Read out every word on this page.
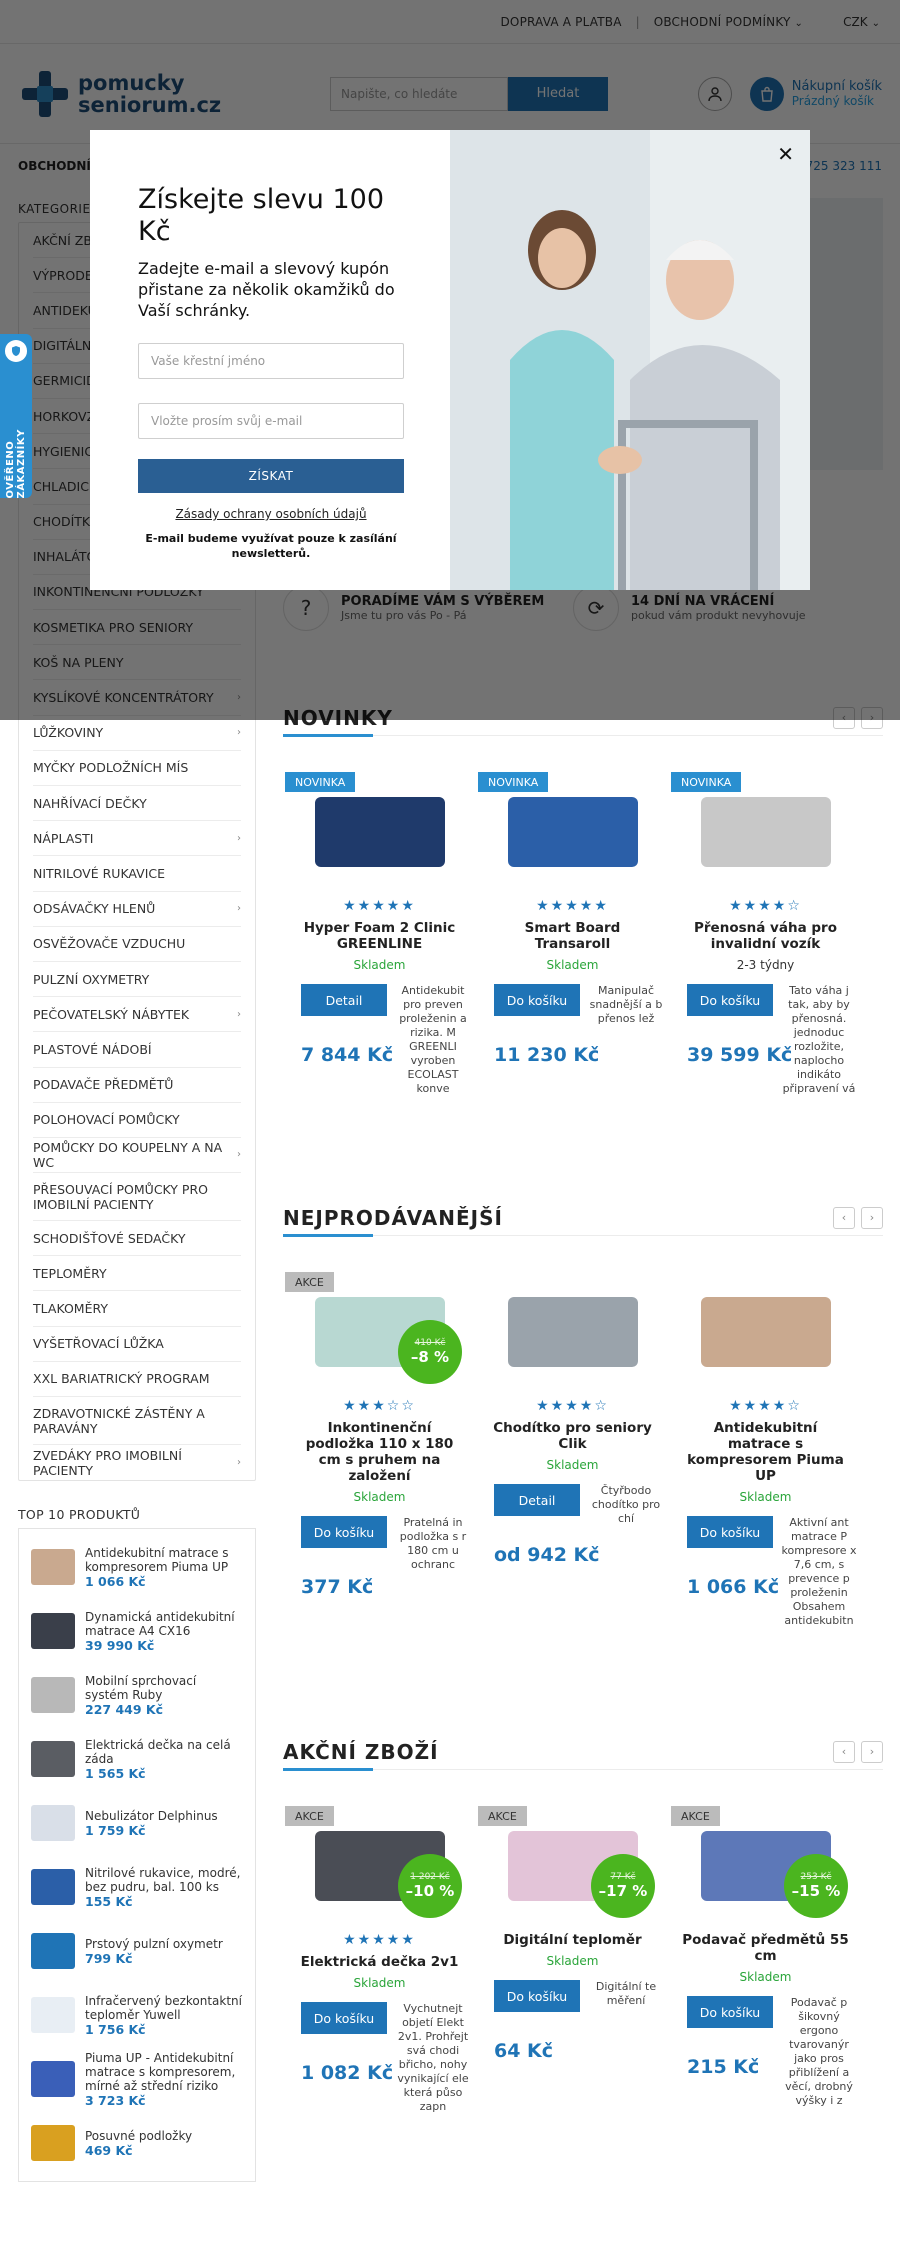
LŮŽKOVINY	›
MYČKY PODLOŽNÍCH MÍS
NAHŘÍVACÍ DEČKY
NÁPLASTI	›
NITRILOVÉ RUKAVICE
ODSÁVAČKY HLENŮ	›
OSVĚŽOVAČE VZDUCHU
PULZNÍ OXYMETRY
PEČOVATELSKÝ NÁBYTEK	›
PLASTOVÉ NÁDOBÍ
PODAVAČE PŘEDMĚTŮ
POLOHOVACÍ POMŮCKY
POMŮCKY DO KOUPELNY A NA WC	›
PŘESOUVACÍ POMŮCKY PRO IMOBILNÍ PACIENTY
SCHODIŠŤOVÉ SEDAČKY
TEPLOMĚRY
TLAKOMĚRY
VYŠETŘOVACÍ LŮŽKA
XXL BARIATRICKÝ PROGRAM
ZDRAVOTNICKÉ ZÁSTĚNY A PARAVÁNY
ZVEDÁKY PRO IMOBILNÍ PACIENTY	›
TOP 10 PRODUKTŮ
Antidekubitní matrace s kompresorem Piuma UP
1 066 Kč
Dynamická antidekubitní matrace A4 CX16
39 990 Kč
Mobilní sprchovací systém Ruby
227 449 Kč
Elektrická dečka na celá záda
1 565 Kč
Nebulizátor Delphinus
1 759 Kč
Nitrilové rukavice, modré, bez pudru, bal. 100 ks
155 Kč
Prstový pulzní oxymetr
799 Kč
Infračervený bezkontaktní teploměr Yuwell
1 756 Kč
Piuma UP - Antidekubitní matrace s kompresorem, mírné až střední riziko
3 723 Kč
Posuvné podložky
469 Kč
NOVINKA
★★★★★
Hyper Foam 2 Clinic GREENLINE
Skladem
Detail
Antidekubit pro preven proleženin a rizika. M GREENLI vyroben ECOLAST konve
7 844 Kč
NOVINKA
★★★★★
Smart Board Transaroll
Skladem
Do košíku
Manipulač snadnější a b přenos lež
11 230 Kč
NOVINKA
★★★★☆
Přenosná váha pro invalidní vozík
2-3 týdny
Do košíku
Tato váha j tak, aby by přenosná. jednoduc rozložite, naplocho indikáto připravení vá
39 599 Kč
NEJPRODÁVANĚJŠÍ	‹	›
AKCE
410 Kč
–8 %
★★★☆☆
Inkontinenční podložka 110 x 180 cm s pruhem na založení
Skladem
Do košíku
Pratelná in podložka s r 180 cm u ochranc
377 Kč
★★★★☆
Chodítko pro seniory Clik
Skladem
Detail
Čtyřbodo chodítko pro chí
od 942 Kč
★★★★☆
Antidekubitní matrace s kompresorem Piuma UP
Skladem
Do košíku
Aktivní ant matrace P kompresore x 7,6 cm, s prevence p proleženin Obsahem antidekubitn
1 066 Kč
AKČNÍ ZBOŽÍ	‹	›
AKCE
1 202 Kč
–10 %
★★★★★
Elektrická dečka 2v1
Skladem
Do košíku
Vychutnejt objetí Elekt 2v1. Prohřejt svá chodi břicho, nohy vynikající ele která půso zapn
1 082 Kč
AKCE
77 Kč
–17 %
Digitální teploměr
Skladem
Do košíku
Digitální te měření
64 Kč
AKCE
253 Kč
–15 %
Podavač předmětů 55 cm
Skladem
Do košíku
Podavač p šikovný ergono tvarovanýr jako pros přiblížení a věcí, drobný výšky i z
215 Kč
Získejte slevu 100 Kč
Zadejte e-mail a slevový kupón přistane za několik okamžiků do Vaší schránky.
Vaše křestní jméno
Vložte prosím svůj e-mail
ZÍSKAT
Zásady ochrany osobních údajů
E-mail budeme využívat pouze k zasílání newsletterů.
✕
OVĚŘENO ZÁKAZNÍKY
